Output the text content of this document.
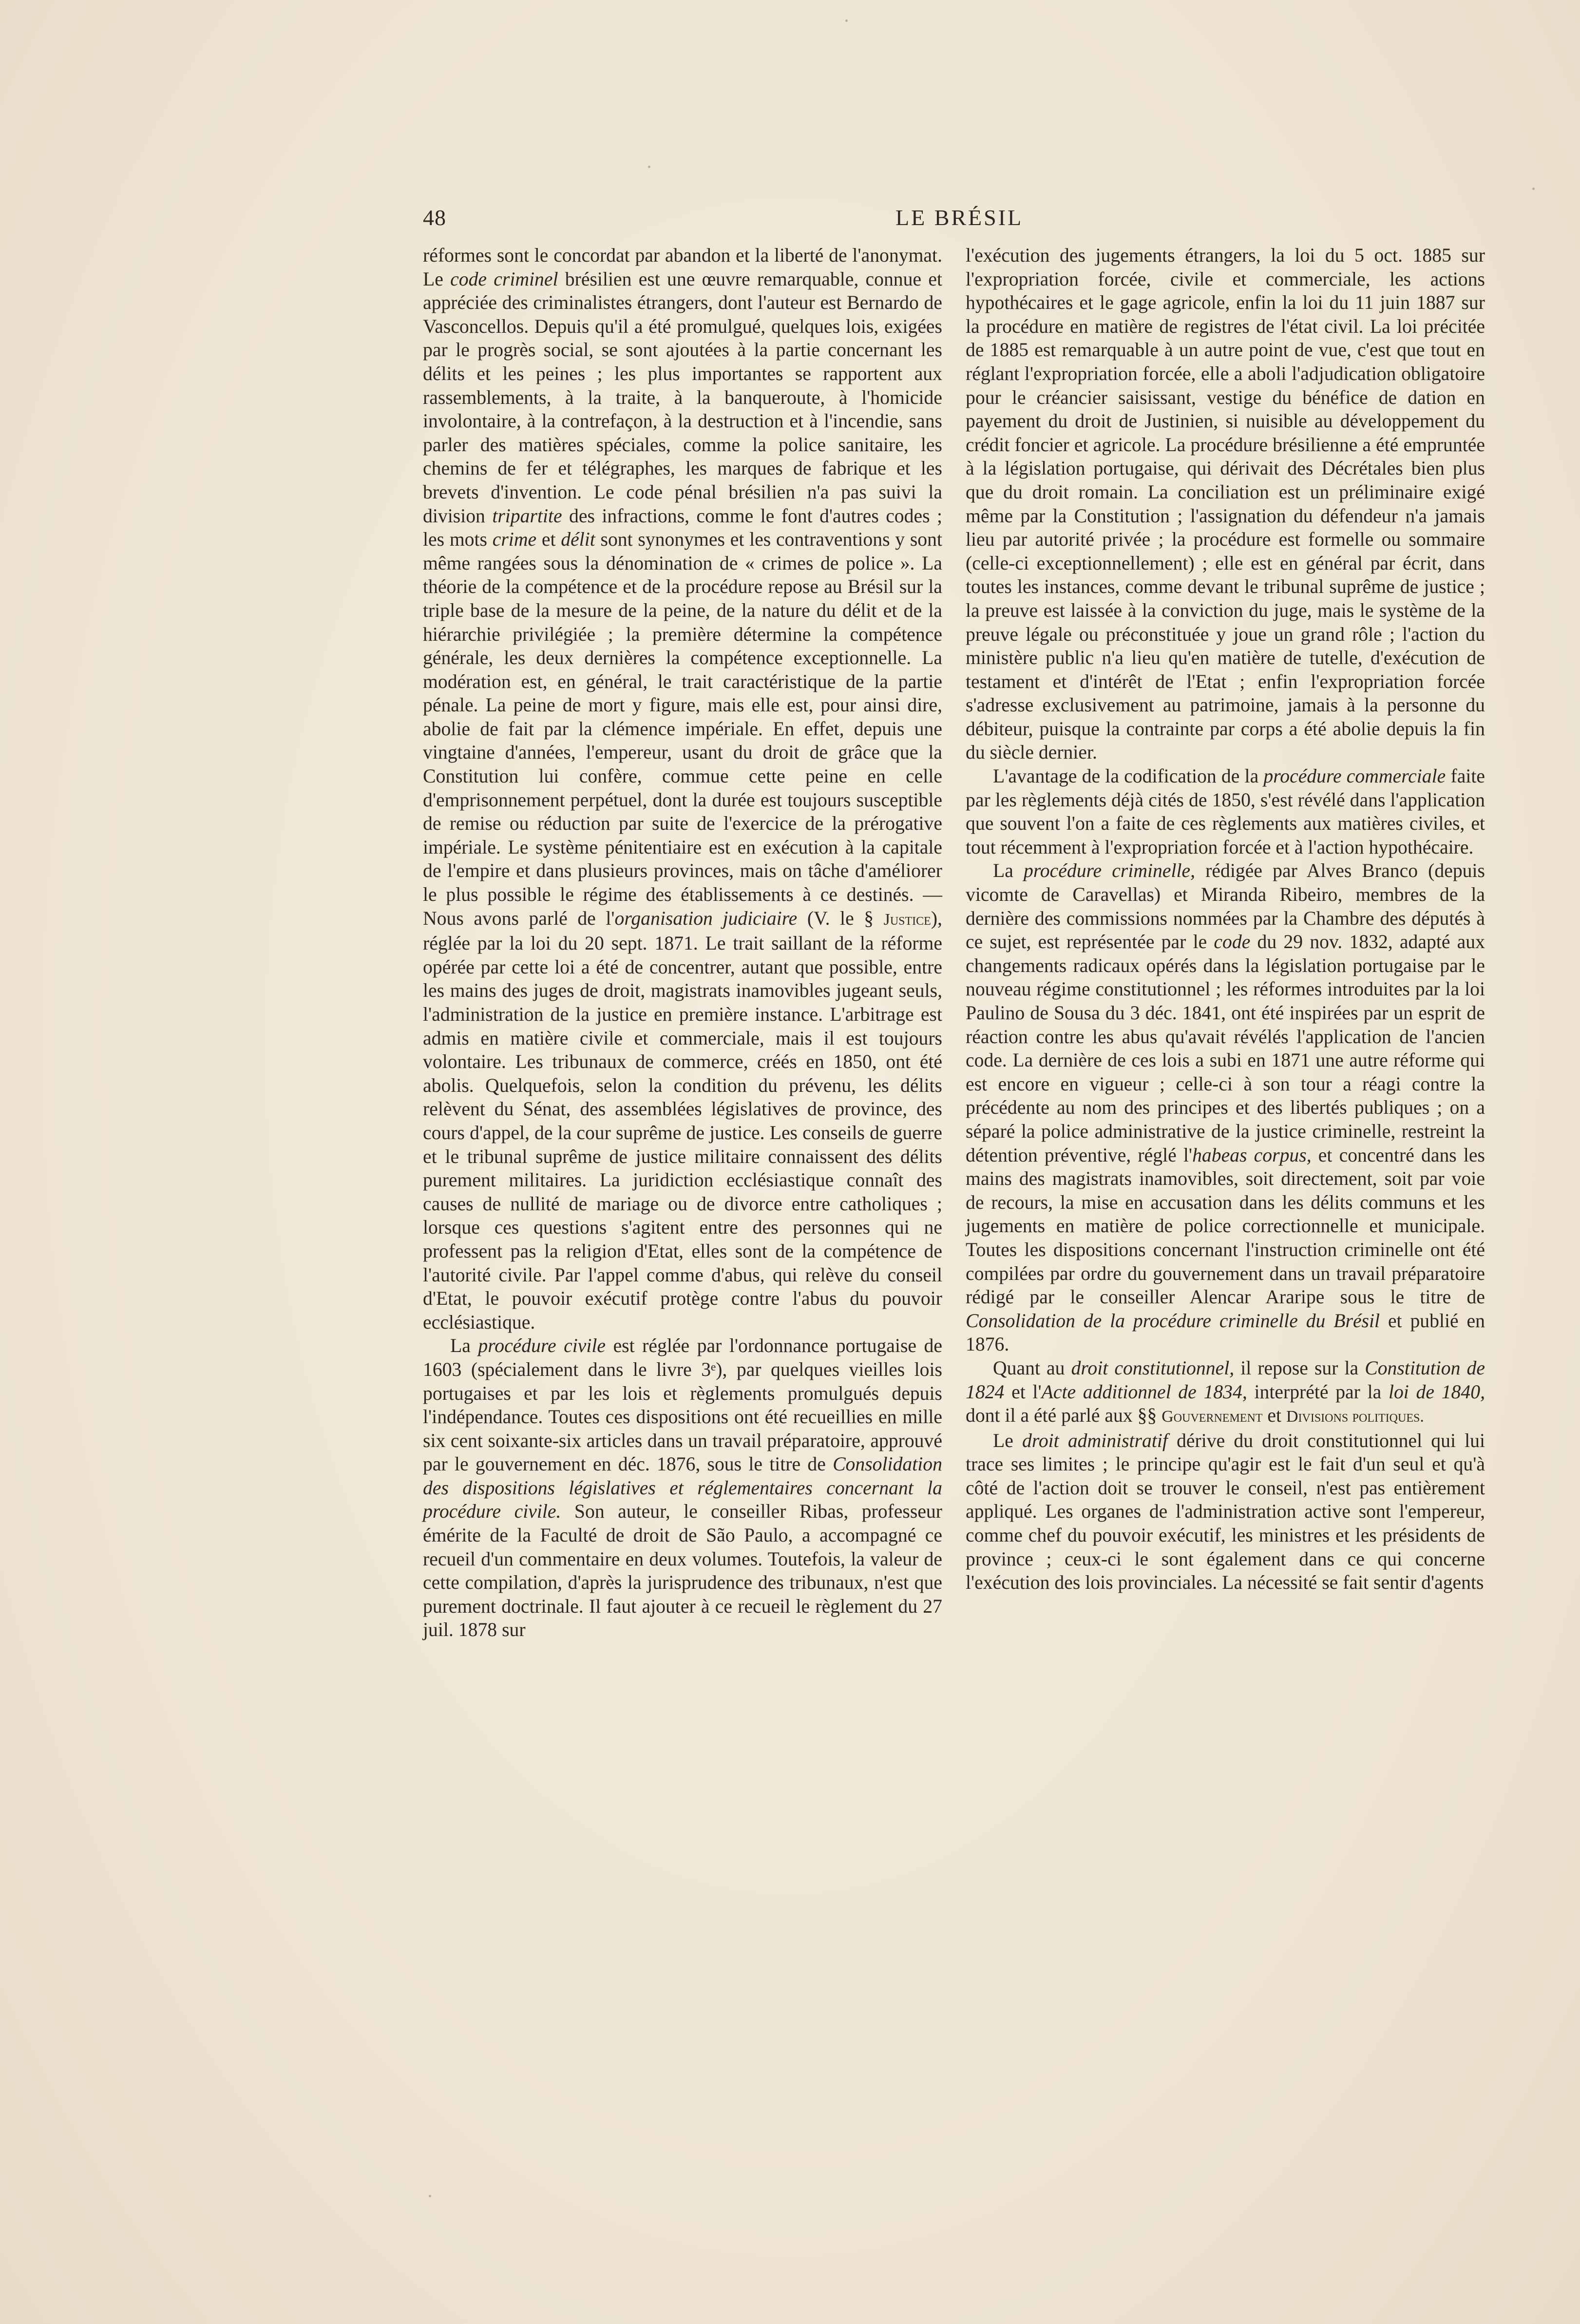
48	LE BRÉSIL

réformes sont le concordat par abandon et la liberté de l'anonymat. Le code criminel brésilien est une œuvre remarquable, connue et appréciée des criminalistes étrangers, dont l'auteur est Bernardo de Vasconcellos. Depuis qu'il a été promulgué, quelques lois, exigées par le progrès social, se sont ajoutées à la partie concernant les délits et les peines ; les plus importantes se rapportent aux rassemblements, à la traite, à la banqueroute, à l'homicide involontaire, à la contrefaçon, à la destruction et à l'incendie, sans parler des matières spéciales, comme la police sanitaire, les chemins de fer et télégraphes, les marques de fabrique et les brevets d'invention. Le code pénal brésilien n'a pas suivi la division tripartite des infractions, comme le font d'autres codes ; les mots crime et délit sont synonymes et les contraventions y sont même rangées sous la dénomination de « crimes de police ». La théorie de la compétence et de la procédure repose au Brésil sur la triple base de la mesure de la peine, de la nature du délit et de la hiérarchie privilégiée ; la première détermine la compétence générale, les deux dernières la compétence exceptionnelle. La modération est, en général, le trait caractéristique de la partie pénale. La peine de mort y figure, mais elle est, pour ainsi dire, abolie de fait par la clémence impériale. En effet, depuis une vingtaine d'années, l'empereur, usant du droit de grâce que la Constitution lui confère, commue cette peine en celle d'emprisonnement perpétuel, dont la durée est toujours susceptible de remise ou réduction par suite de l'exercice de la prérogative impériale. Le système pénitentiaire est en exécution à la capitale de l'empire et dans plusieurs provinces, mais on tâche d'améliorer le plus possible le régime des établissements à ce destinés. — Nous avons parlé de l'organisation judiciaire (V. le § Justice), réglée par la loi du 20 sept. 1871. Le trait saillant de la réforme opérée par cette loi a été de concentrer, autant que possible, entre les mains des juges de droit, magistrats inamovibles jugeant seuls, l'administration de la justice en première instance. L'arbitrage est admis en matière civile et commerciale, mais il est toujours volontaire. Les tribunaux de commerce, créés en 1850, ont été abolis. Quelquefois, selon la condition du prévenu, les délits relèvent du Sénat, des assemblées législatives de province, des cours d'appel, de la cour suprême de justice. Les conseils de guerre et le tribunal suprême de justice militaire connaissent des délits purement militaires. La juridiction ecclésiastique connaît des causes de nullité de mariage ou de divorce entre catholiques ; lorsque ces questions s'agitent entre des personnes qui ne professent pas la religion d'Etat, elles sont de la compétence de l'autorité civile. Par l'appel comme d'abus, qui relève du conseil d'Etat, le pouvoir exécutif protège contre l'abus du pouvoir ecclésiastique.

La procédure civile est réglée par l'ordonnance portugaise de 1603 (spécialement dans le livre 3ᵉ), par quelques vieilles lois portugaises et par les lois et règlements promulgués depuis l'indépendance. Toutes ces dispositions ont été recueillies en mille six cent soixante-six articles dans un travail préparatoire, approuvé par le gouvernement en déc. 1876, sous le titre de Consolidation des dispositions législatives et réglementaires concernant la procédure civile. Son auteur, le conseiller Ribas, professeur émérite de la Faculté de droit de São Paulo, a accompagné ce recueil d'un commentaire en deux volumes. Toutefois, la valeur de cette compilation, d'après la jurisprudence des tribunaux, n'est que purement doctrinale. Il faut ajouter à ce recueil le règlement du 27 juil. 1878 sur

l'exécution des jugements étrangers, la loi du 5 oct. 1885 sur l'expropriation forcée, civile et commerciale, les actions hypothécaires et le gage agricole, enfin la loi du 11 juin 1887 sur la procédure en matière de registres de l'état civil. La loi précitée de 1885 est remarquable à un autre point de vue, c'est que tout en réglant l'expropriation forcée, elle a aboli l'adjudication obligatoire pour le créancier saisissant, vestige du bénéfice de dation en payement du droit de Justinien, si nuisible au développement du crédit foncier et agricole. La procédure brésilienne a été empruntée à la législation portugaise, qui dérivait des Décrétales bien plus que du droit romain. La conciliation est un préliminaire exigé même par la Constitution ; l'assignation du défendeur n'a jamais lieu par autorité privée ; la procédure est formelle ou sommaire (celle-ci exceptionnellement) ; elle est en général par écrit, dans toutes les instances, comme devant le tribunal suprême de justice ; la preuve est laissée à la conviction du juge, mais le système de la preuve légale ou préconstituée y joue un grand rôle ; l'action du ministère public n'a lieu qu'en matière de tutelle, d'exécution de testament et d'intérêt de l'Etat ; enfin l'expropriation forcée s'adresse exclusivement au patrimoine, jamais à la personne du débiteur, puisque la contrainte par corps a été abolie depuis la fin du siècle dernier.

L'avantage de la codification de la procédure commerciale faite par les règlements déjà cités de 1850, s'est révélé dans l'application que souvent l'on a faite de ces règlements aux matières civiles, et tout récemment à l'expropriation forcée et à l'action hypothécaire.

La procédure criminelle, rédigée par Alves Branco (depuis vicomte de Caravellas) et Miranda Ribeiro, membres de la dernière des commissions nommées par la Chambre des députés à ce sujet, est représentée par le code du 29 nov. 1832, adapté aux changements radicaux opérés dans la législation portugaise par le nouveau régime constitutionnel ; les réformes introduites par la loi Paulino de Sousa du 3 déc. 1841, ont été inspirées par un esprit de réaction contre les abus qu'avait révélés l'application de l'ancien code. La dernière de ces lois a subi en 1871 une autre réforme qui est encore en vigueur ; celle-ci à son tour a réagi contre la précédente au nom des principes et des libertés publiques ; on a séparé la police administrative de la justice criminelle, restreint la détention préventive, réglé l'habeas corpus, et concentré dans les mains des magistrats inamovibles, soit directement, soit par voie de recours, la mise en accusation dans les délits communs et les jugements en matière de police correctionnelle et municipale. Toutes les dispositions concernant l'instruction criminelle ont été compilées par ordre du gouvernement dans un travail préparatoire rédigé par le conseiller Alencar Araripe sous le titre de Consolidation de la procédure criminelle du Brésil et publié en 1876.

Quant au droit constitutionnel, il repose sur la Constitution de 1824 et l'Acte additionnel de 1834, interprété par la loi de 1840, dont il a été parlé aux §§ Gouvernement et Divisions politiques.

Le droit administratif dérive du droit constitutionnel qui lui trace ses limites ; le principe qu'agir est le fait d'un seul et qu'à côté de l'action doit se trouver le conseil, n'est pas entièrement appliqué. Les organes de l'administration active sont l'empereur, comme chef du pouvoir exécutif, les ministres et les présidents de province ; ceux-ci le sont également dans ce qui concerne l'exécution des lois provinciales. La nécessité se fait sentir d'agents
